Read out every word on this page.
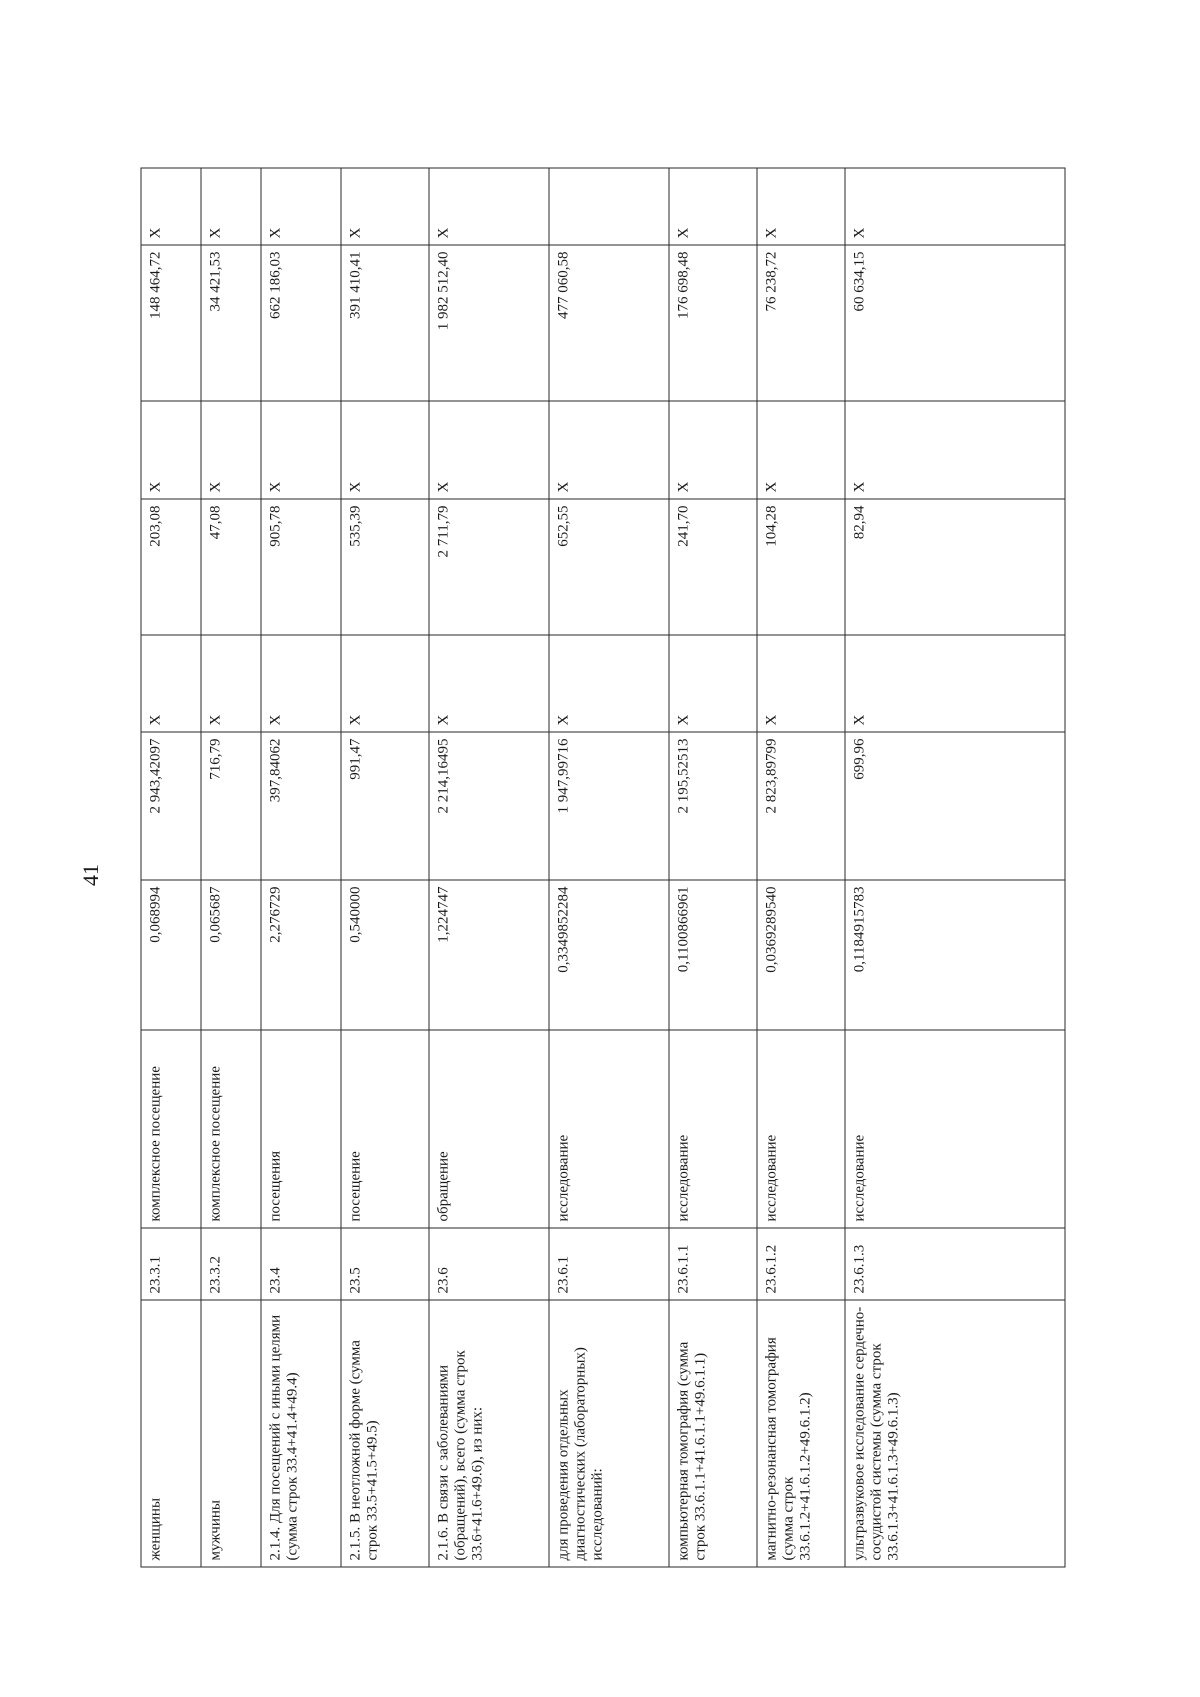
41
женщины	23.3.1	комплексное посещение	0,068994	2 943,42097	Х	203,08	Х	148 464,72	Х
мужчины	23.3.2	комплексное посещение	0,065687	716,79	Х	47,08	Х	34 421,53	Х
2.1.4. Для посещений с иными целями (сумма строк 33.4+41.4+49.4)	23.4	посещения	2,276729	397,84062	Х	905,78	Х	662 186,03	Х
2.1.5. В неотложной форме (сумма строк 33.5+41.5+49.5)	23.5	посещение	0,540000	991,47	Х	535,39	Х	391 410,41	Х
2.1.6. В связи с заболеваниями (обращений), всего (сумма строк 33.6+41.6+49.6), из них:	23.6	обращение	1,224747	2 214,16495	Х	2 711,79	Х	1 982 512,40	Х
для проведения отдельных диагностических (лабораторных) исследований:	23.6.1	исследование	0,3349852284	1 947,99716	Х	652,55	Х	477 060,58	
компьютерная томография (сумма строк 33.6.1.1+41.6.1.1+49.6.1.1)	23.6.1.1	исследование	0,1100866961	2 195,52513	Х	241,70	Х	176 698,48	Х
магнитно-резонансная томография (сумма строк 33.6.1.2+41.6.1.2+49.6.1.2)	23.6.1.2	исследование	0,0369289540	2 823,89799	Х	104,28	Х	76 238,72	Х
ультразвуковое исследование сердечно-сосудистой системы (сумма строк 33.6.1.3+41.6.1.3+49.6.1.3)	23.6.1.3	исследование	0,1184915783	699,96	Х	82,94	Х	60 634,15	Х
